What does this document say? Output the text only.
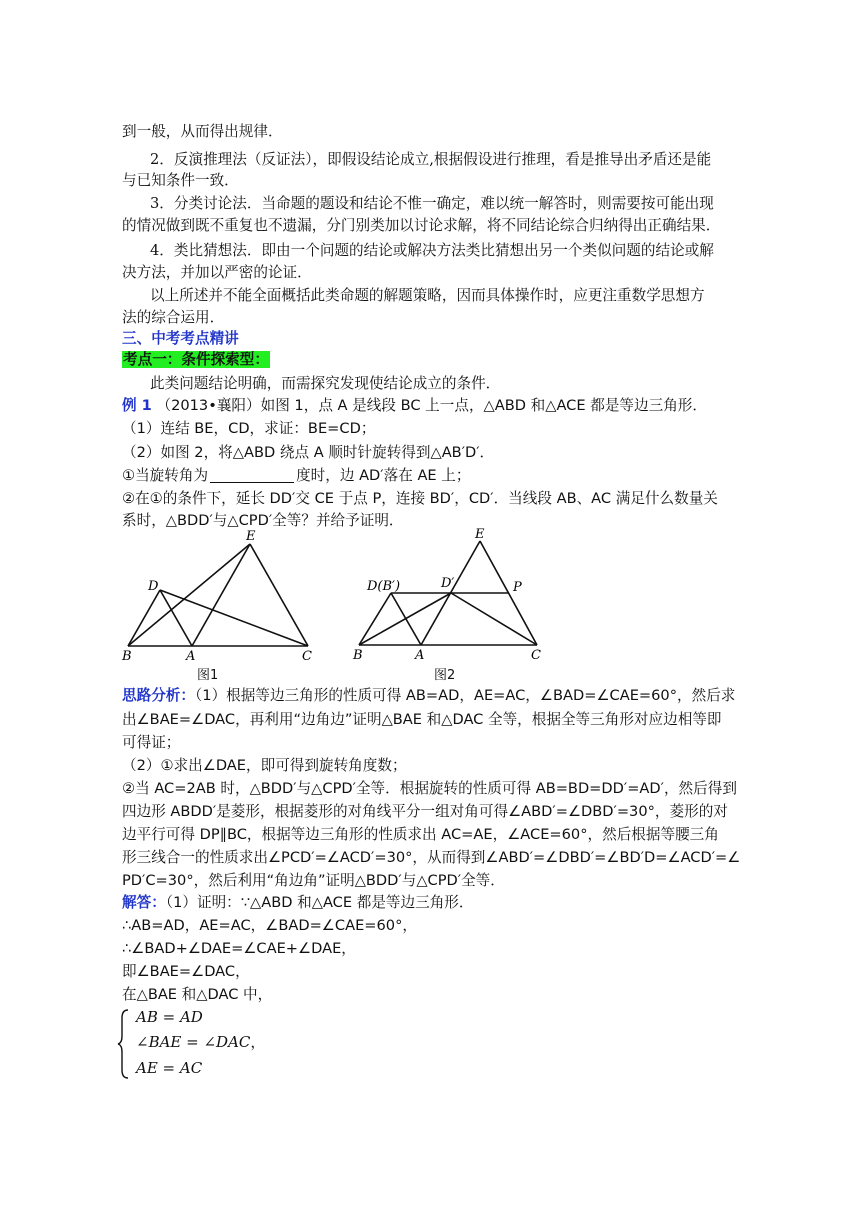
到一般，从而得出规律．
2．反演推理法（反证法），即假设结论成立,根据假设进行推理，看是推导出矛盾还是能
与已知条件一致．
3．分类讨论法．当命题的题设和结论不惟一确定，难以统一解答时，则需要按可能出现
的情况做到既不重复也不遗漏，分门别类加以讨论求解，将不同结论综合归纳得出正确结果．
4．类比猜想法．即由一个问题的结论或解决方法类比猜想出另一个类似问题的结论或解
决方法，并加以严密的论证．
以上所述并不能全面概括此类命题的解题策略，因而具体操作时，应更注重数学思想方
法的综合运用．
三、中考考点精讲
考点一：条件探索型：
此类问题结论明确，而需探究发现使结论成立的条件．
例 1 （2013•襄阳）如图 1，点 A 是线段 BC 上一点，△ABD 和△ACE 都是等边三角形．
（1）连结 BE，CD，求证：BE=CD；
（2）如图 2，将△ABD 绕点 A 顺时针旋转得到△AB′D′．
①当旋转角为	度时，边 AD′落在 AE 上；
②在①的条件下，延长 DD′交 CE 于点 P，连接 BD′，CD′．当线段 AB、AC 满足什么数量关
系时，△BDD′与△CPD′全等？并给予证明．
E
D
B	A	C
图1
E
D(B′)	D′	P
B	A	C
图2
思路分析：（1）根据等边三角形的性质可得 AB=AD，AE=AC，∠BAD=∠CAE=60°，然后求
出∠BAE=∠DAC，再利用“边角边”证明△BAE 和△DAC 全等，根据全等三角形对应边相等即
可得证；
（2）①求出∠DAE，即可得到旋转角度数；
②当 AC=2AB 时，△BDD′与△CPD′全等．根据旋转的性质可得 AB=BD=DD′=AD′，然后得到
四边形 ABDD′是菱形，根据菱形的对角线平分一组对角可得∠ABD′=∠DBD′=30°，菱形的对
边平行可得 DP∥BC，根据等边三角形的性质求出 AC=AE，∠ACE=60°，然后根据等腰三角
形三线合一的性质求出∠PCD′=∠ACD′=30°，从而得到∠ABD′=∠DBD′=∠BD′D=∠ACD′=∠
PD′C=30°，然后利用“角边角”证明△BDD′与△CPD′全等．
解答：（1）证明：∵△ABD 和△ACE 都是等边三角形．
∴AB=AD，AE=AC，∠BAD=∠CAE=60°，
∴∠BAD+∠DAE=∠CAE+∠DAE，
即∠BAE=∠DAC，
在△BAE 和△DAC 中，
AB = AD
∠BAE = ∠DAC，
AE = AC
